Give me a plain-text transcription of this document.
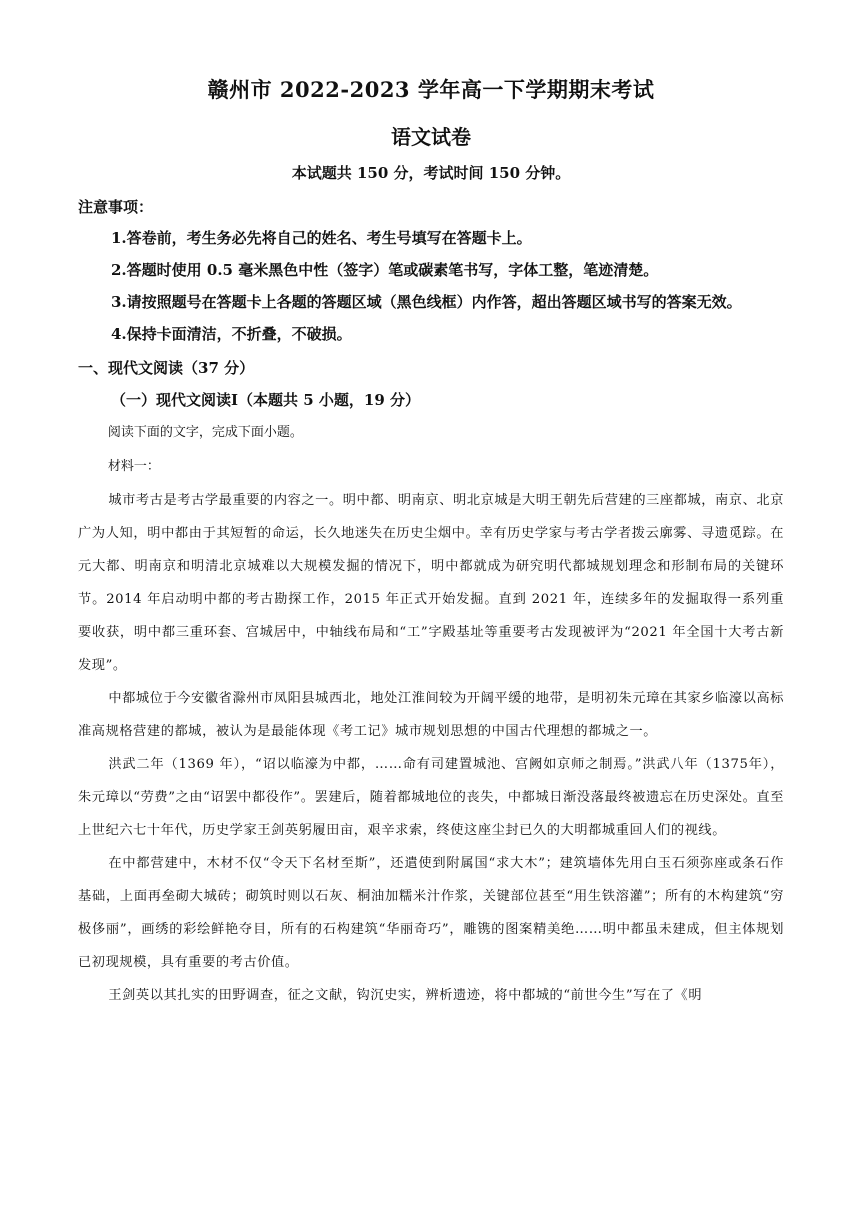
赣州市 2022-2023 学年高一下学期期末考试
语文试卷
本试题共 150 分，考试时间 150 分钟。
注意事项：
1.答卷前，考生务必先将自己的姓名、考生号填写在答题卡上。
2.答题时使用 0.5 毫米黑色中性（签字）笔或碳素笔书写，字体工整，笔迹清楚。
3.请按照题号在答题卡上各题的答题区域（黑色线框）内作答，超出答题区域书写的答案无效。
4.保持卡面清洁，不折叠，不破损。
一、现代文阅读（37 分）
（一）现代文阅读Ⅰ（本题共 5 小题，19 分）
阅读下面的文字，完成下面小题。
材料一：

城市考古是考古学最重要的内容之一。明中都、明南京、明北京城是大明王朝先后营建的三座都城，南京、北京广为人知，明中都由于其短暂的命运，长久地迷失在历史尘烟中。幸有历史学家与考古学者拨云廓雾、寻遗觅踪。在元大都、明南京和明清北京城难以大规模发掘的情况下，明中都就成为研究明代都城规划理念和形制布局的关键环节。2014 年启动明中都的考古勘探工作，2015 年正式开始发掘。直到 2021 年，连续多年的发掘取得一系列重要收获，明中都三重环套、宫城居中，中轴线布局和“工”字殿基址等重要考古发现被评为“2021 年全国十大考古新发现”。

中都城位于今安徽省滁州市凤阳县城西北，地处江淮间较为开阔平缓的地带，是明初朱元璋在其家乡临濠以高标准高规格营建的都城，被认为是最能体现《考工记》城市规划思想的中国古代理想的都城之一。

洪武二年（1369 年），“诏以临濠为中都，……命有司建置城池、宫阙如京师之制焉。”洪武八年（1375年），朱元璋以“劳费”之由“诏罢中都役作”。罢建后，随着都城地位的丧失，中都城日渐没落最终被遗忘在历史深处。直至上世纪六七十年代，历史学家王剑英躬履田亩，艰辛求索，终使这座尘封已久的大明都城重回人们的视线。

在中都营建中，木材不仅“令天下名材至斯”，还遣使到附属国“求大木”；建筑墙体先用白玉石须弥座或条石作基础，上面再垒砌大城砖；砌筑时则以石灰、桐油加糯米汁作浆，关键部位甚至“用生铁溶灌”；所有的木构建筑“穷极侈丽”，画绣的彩绘鲜艳夺目，所有的石构建筑“华丽奇巧”，雕镌的图案精美绝……明中都虽未建成，但主体规划已初现规模，具有重要的考古价值。

王剑英以其扎实的田野调查，征之文献，钩沉史实，辨析遗迹，将中都城的“前世今生”写在了《明
